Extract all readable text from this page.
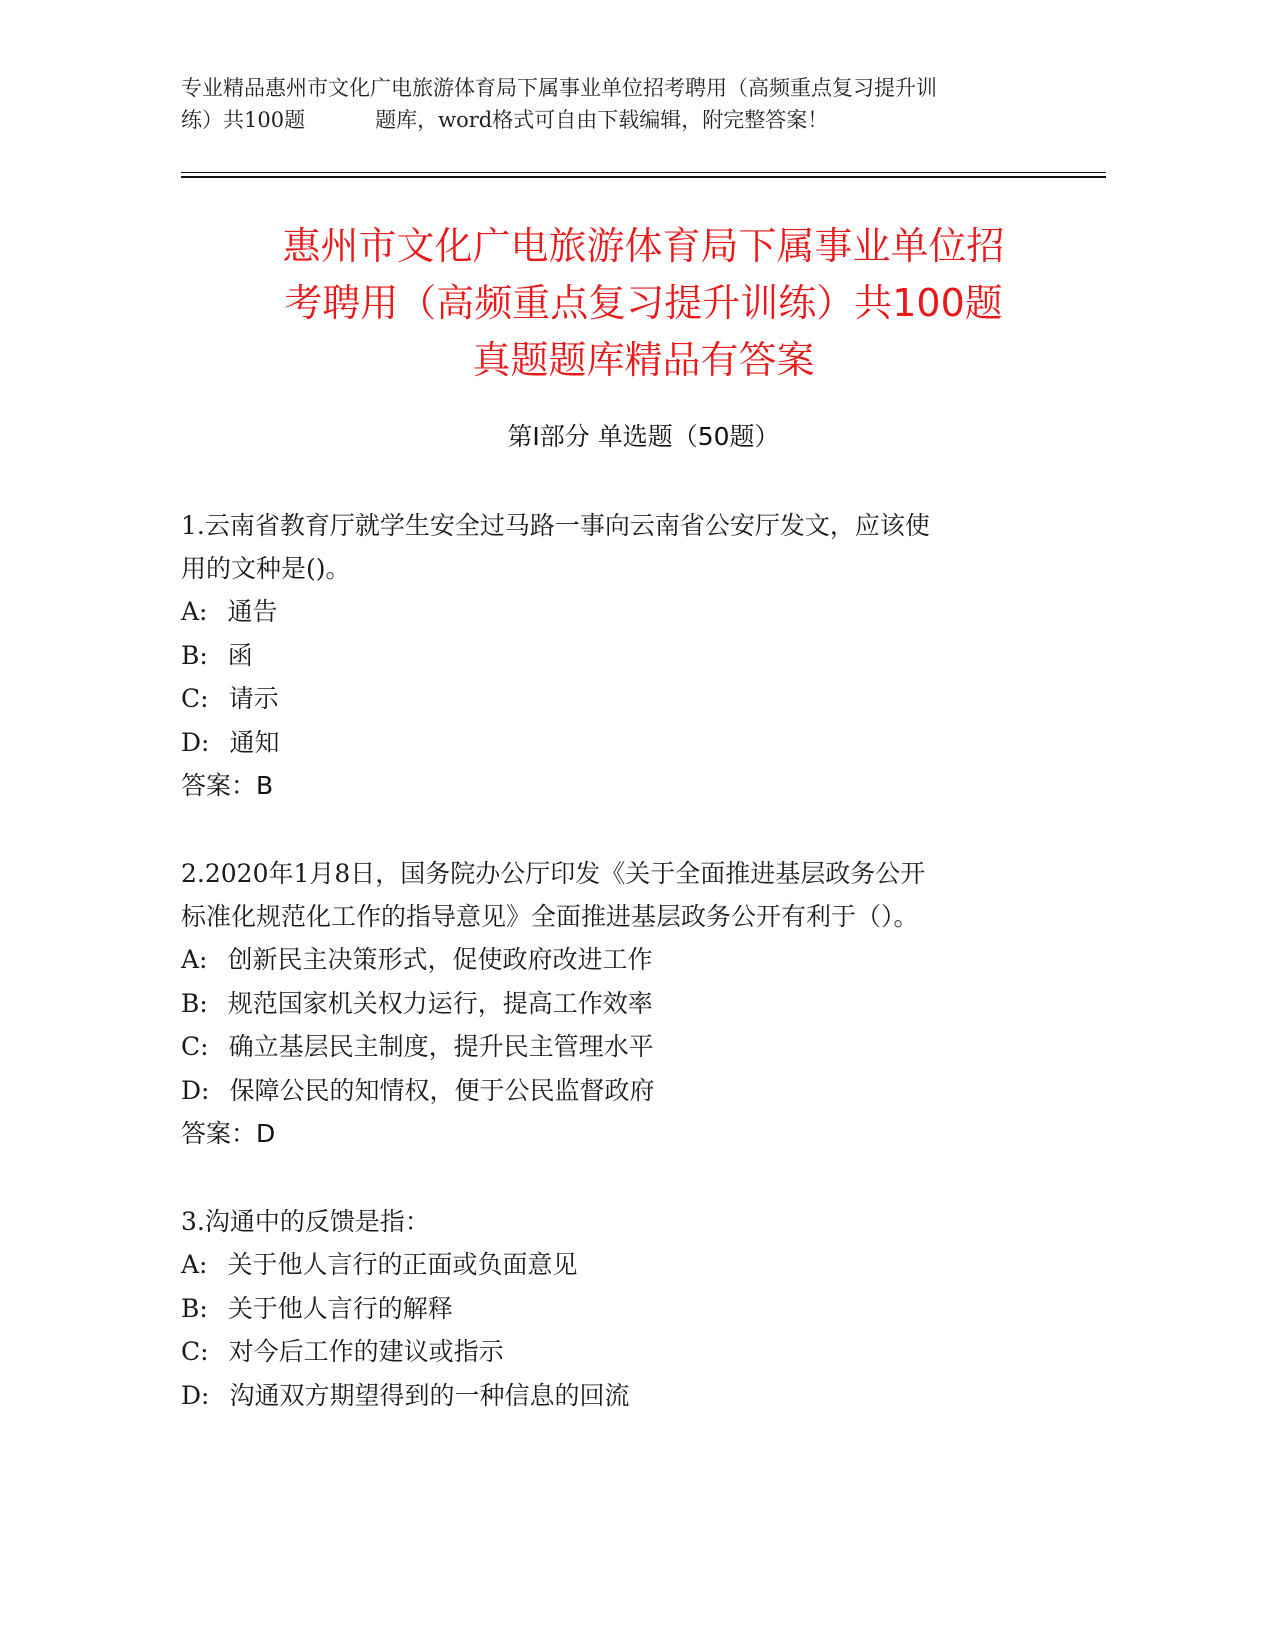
专业精品惠州市文化广电旅游体育局下属事业单位招考聘用（高频重点复习提升训
练）共100题	题库，word格式可自由下载编辑，附完整答案！
惠州市文化广电旅游体育局下属事业单位招
考聘用（高频重点复习提升训练）共100题
真题题库精品有答案
第Ⅰ部分 单选题（50题）
1.云南省教育厅就学生安全过马路一事向云南省公安厅发文，应该使
用的文种是()。
A: 通告
B: 函
C: 请示
D: 通知
答案：B
2.2020年1月8日，国务院办公厅印发《关于全面推进基层政务公开
标准化规范化工作的指导意见》全面推进基层政务公开有利于（）。
A: 创新民主决策形式，促使政府改进工作
B: 规范国家机关权力运行，提高工作效率
C: 确立基层民主制度，提升民主管理水平
D: 保障公民的知情权，便于公民监督政府
答案：D
3.沟通中的反馈是指：
A: 关于他人言行的正面或负面意见
B: 关于他人言行的解释
C: 对今后工作的建议或指示
D: 沟通双方期望得到的一种信息的回流
